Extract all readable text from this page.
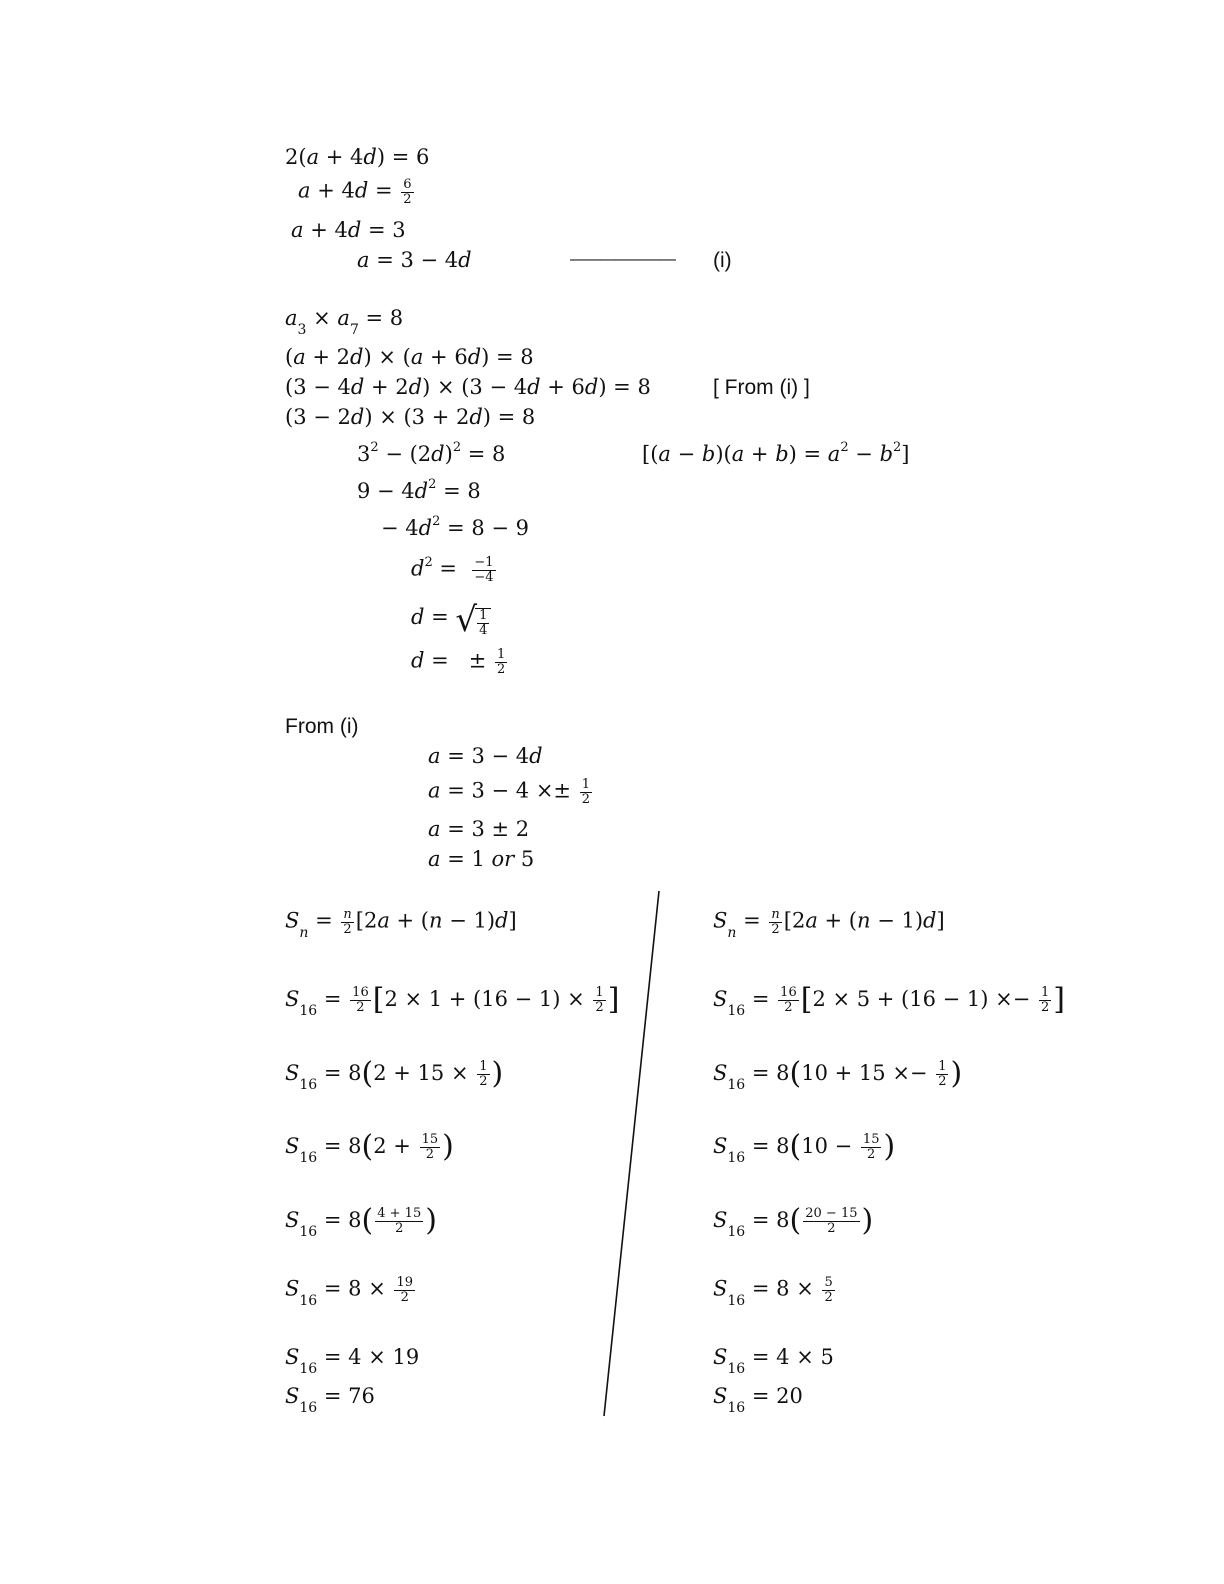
2(a + 4d) = 6
$a + 4d = \frac{6}{2}$
a + 4d = 3
a = 3 − 4d	——————— (i)
$a_3 \times a_7 = 8$
(a + 2d) × (a + 6d) = 8
(3 − 4d + 2d) × (3 − 4d + 6d) = 8	[ From (i) ]
(3 − 2d) × (3 + 2d) = 8
$3^2 - (2d)^2 = 8$	$[(a - b)(a + b) = a^2 - b^2]$
$9 - 4d^2 = 8$
− $4d^2 = 8 - 9$
$d^2 = \frac{-1}{-4}$
d = √ $\frac{1}{4}$
d =   ± $\frac{1}{2}$
From (i)
a = 3 − 4d
$a = 3 - 4 \times\pm \frac{1}{2}$
a = 3 ± 2
a = 1 or 5
$S_n = \frac{n}{2} [2a + (n - 1)d]$
$S_{16} = \frac{16}{2} [2 \times 1 + (16 - 1) \times \frac{1}{2}$ ]
$S_{16} = 8(2 + 15 \times \frac{1}{2}$ )
$S_{16} = 8(2 + \frac{15}{2}$ )
$S_{16} = 8( \frac{4 + 15}{2}$ )
$S_{16} = 8 \times \frac{19}{2}$
$S_{16} = 4 \times 19$
$S_{16} = 76$
$S_n = \frac{n}{2} [2a + (n - 1)d]$
$S_{16} = \frac{16}{2} [2 \times 5 + (16 - 1) \times- \frac{1}{2}$ ]
$S_{16} = 8(10 + 15 \times- \frac{1}{2}$ )
$S_{16} = 8(10 - \frac{15}{2}$ )
$S_{16} = 8( \frac{20 - 15}{2}$ )
$S_{16} = 8 \times \frac{5}{2}$
$S_{16} = 4 \times 5$
$S_{16} = 20$
